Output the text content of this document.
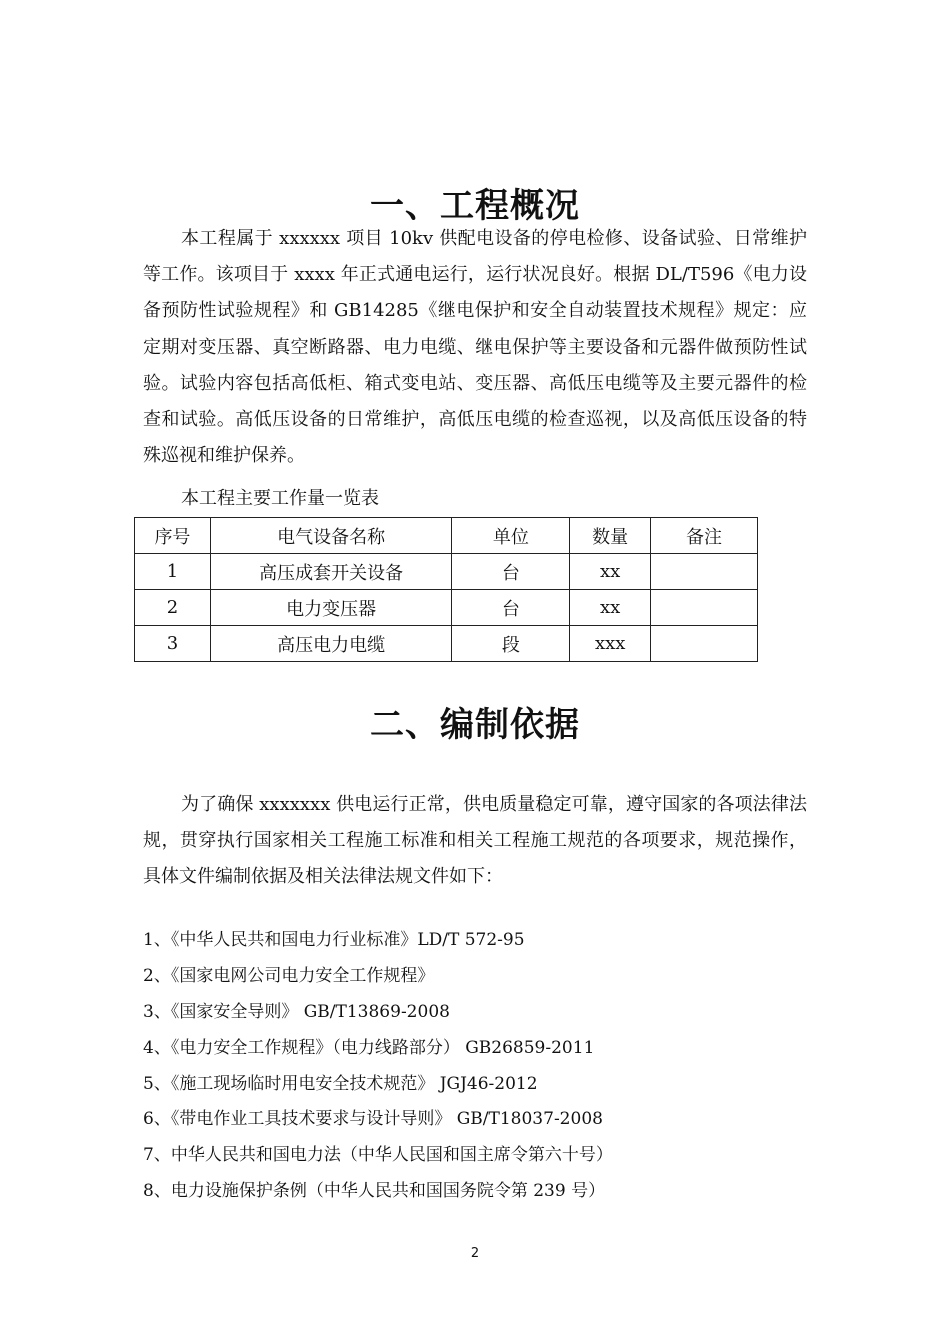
一、工程概况

本工程属于 xxxxxx 项目 10kv 供配电设备的停电检修、设备试验、日常维护等工作。该项目于 xxxx 年正式通电运行，运行状况良好。根据 DL/T596《电力设备预防性试验规程》和 GB14285《继电保护和安全自动装置技术规程》规定：应定期对变压器、真空断路器、电力电缆、继电保护等主要设备和元器件做预防性试验。试验内容包括高低柜、箱式变电站、变压器、高低压电缆等及主要元器件的检查和试验。高低压设备的日常维护，高低压电缆的检查巡视，以及高低压设备的特殊巡视和维护保养。

本工程主要工作量一览表

序号	电气设备名称	单位	数量	备注
1	高压成套开关设备	台	xx	
2	电力变压器	台	xx	
3	高压电力电缆	段	xxx	
二、编制依据

为了确保 xxxxxxx 供电运行正常，供电质量稳定可靠，遵守国家的各项法律法规，贯穿执行国家相关工程施工标准和相关工程施工规范的各项要求，规范操作，具体文件编制依据及相关法律法规文件如下：

1、《中华人民共和国电力行业标准》LD/T 572-95
2、《国家电网公司电力安全工作规程》
3、《国家安全导则》 GB/T13869-2008
4、《电力安全工作规程》（电力线路部分） GB26859-2011
5、《施工现场临时用电安全技术规范》 JGJ46-2012
6、《带电作业工具技术要求与设计导则》 GB/T18037-2008
7、中华人民共和国电力法（中华人民国和国主席令第六十号）
8、电力设施保护条例（中华人民共和国国务院令第 239 号）
2
